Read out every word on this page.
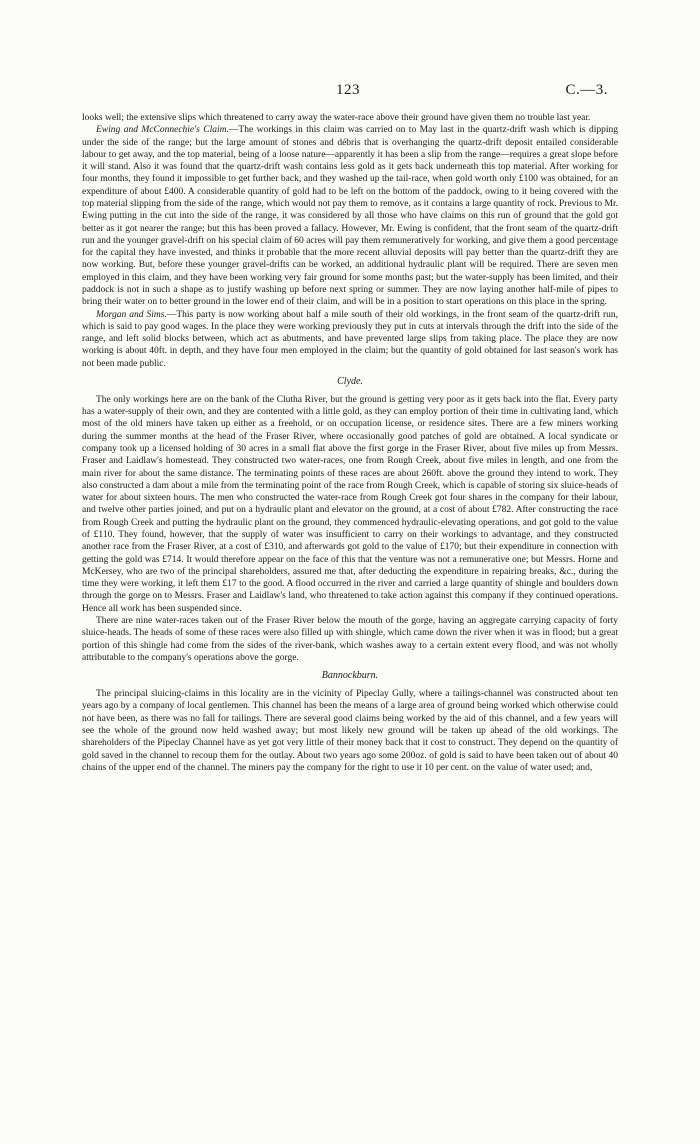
123	C.—3.

looks well; the extensive slips which threatened to carry away the water-race above their ground have given them no trouble last year.

Ewing and McConnechie's Claim.—The workings in this claim was carried on to May last in the quartz-drift wash which is dipping under the side of the range; but the large amount of stones and débris that is overhanging the quartz-drift deposit entailed considerable labour to get away, and the top material, being of a loose nature—apparently it has been a slip from the range—requires a great slope before it will stand. Also it was found that the quartz-drift wash contains less gold as it gets back underneath this top material. After working for four months, they found it impossible to get further back, and they washed up the tail-race, when gold worth only £100 was obtained, for an expenditure of about £400. A considerable quantity of gold had to be left on the bottom of the paddock, owing to it being covered with the top material slipping from the side of the range, which would not pay them to remove, as it contains a large quantity of rock. Previous to Mr. Ewing putting in the cut into the side of the range, it was considered by all those who have claims on this run of ground that the gold got better as it got nearer the range; but this has been proved a fallacy. However, Mr. Ewing is confident, that the front seam of the quartz-drift run and the younger gravel-drift on his special claim of 60 acres will pay them remuneratively for working, and give them a good percentage for the capital they have invested, and thinks it probable that the more recent alluvial deposits will pay better than the quartz-drift they are now working. But, before these younger gravel-drifts can be worked, an additional hydraulic plant will be required. There are seven men employed in this claim, and they have been working very fair ground for some months past; but the water-supply has been limited, and their paddock is not in such a shape as to justify washing up before next spring or summer. They are now laying another half-mile of pipes to bring their water on to better ground in the lower end of their claim, and will be in a position to start operations on this place in the spring.

Morgan and Sims.—This party is now working about half a mile south of their old workings, in the front seam of the quartz-drift run, which is said to pay good wages. In the place they were working previously they put in cuts at intervals through the drift into the side of the range, and left solid blocks between, which act as abutments, and have prevented large slips from taking place. The place they are now working is about 40ft. in depth, and they have four men employed in the claim; but the quantity of gold obtained for last season's work has not been made public.

Clyde.

The only workings here are on the bank of the Clutha River, but the ground is getting very poor as it gets back into the flat. Every party has a water-supply of their own, and they are contented with a little gold, as they can employ portion of their time in cultivating land, which most of the old miners have taken up either as a freehold, or on occupation license, or residence sites. There are a few miners working during the summer months at the head of the Fraser River, where occasionally good patches of gold are obtained. A local syndicate or company took up a licensed holding of 30 acres in a small flat above the first gorge in the Fraser River, about five miles up from Messrs. Fraser and Laidlaw's homestead. They constructed two water-races, one from Rough Creek, about five miles in length, and one from the main river for about the same distance. The terminating points of these races are about 260ft. above the ground they intend to work. They also constructed a dam about a mile from the terminating point of the race from Rough Creek, which is capable of storing six sluice-heads of water for about sixteen hours. The men who constructed the water-race from Rough Creek got four shares in the company for their labour, and twelve other parties joined, and put on a hydraulic plant and elevator on the ground, at a cost of about £782. After constructing the race from Rough Creek and putting the hydraulic plant on the ground, they commenced hydraulic-elevating operations, and got gold to the value of £110. They found, however, that the supply of water was insufficient to carry on their workings to advantage, and they constructed another race from the Fraser River, at a cost of £310, and afterwards got gold to the value of £170; but their expenditure in connection with getting the gold was £714. It would therefore appear on the face of this that the venture was not a remunerative one; but Messrs. Horne and McKersey, who are two of the principal shareholders, assured me that, after deducting the expenditure in repairing breaks, &c., during the time they were working, it left them £17 to the good. A flood occurred in the river and carried a large quantity of shingle and boulders down through the gorge on to Messrs. Fraser and Laidlaw's land, who threatened to take action against this company if they continued operations. Hence all work has been suspended since.

There are nine water-races taken out of the Fraser River below the mouth of the gorge, having an aggregate carrying capacity of forty sluice-heads. The heads of some of these races were also filled up with shingle, which came down the river when it was in flood; but a great portion of this shingle had come from the sides of the river-bank, which washes away to a certain extent every flood, and was not wholly attributable to the company's operations above the gorge.

Bannockburn.

The principal sluicing-claims in this locality are in the vicinity of Pipeclay Gully, where a tailings-channel was constructed about ten years ago by a company of local gentlemen. This channel has been the means of a large area of ground being worked which otherwise could not have been, as there was no fall for tailings. There are several good claims being worked by the aid of this channel, and a few years will see the whole of the ground now held washed away; but most likely new ground will be taken up ahead of the old workings. The shareholders of the Pipeclay Channel have as yet got very little of their money back that it cost to construct. They depend on the quantity of gold saved in the channel to recoup them for the outlay. About two years ago some 200oz. of gold is said to have been taken out of about 40 chains of the upper end of the channel. The miners pay the company for the right to use it 10 per cent. on the value of water used; and,
